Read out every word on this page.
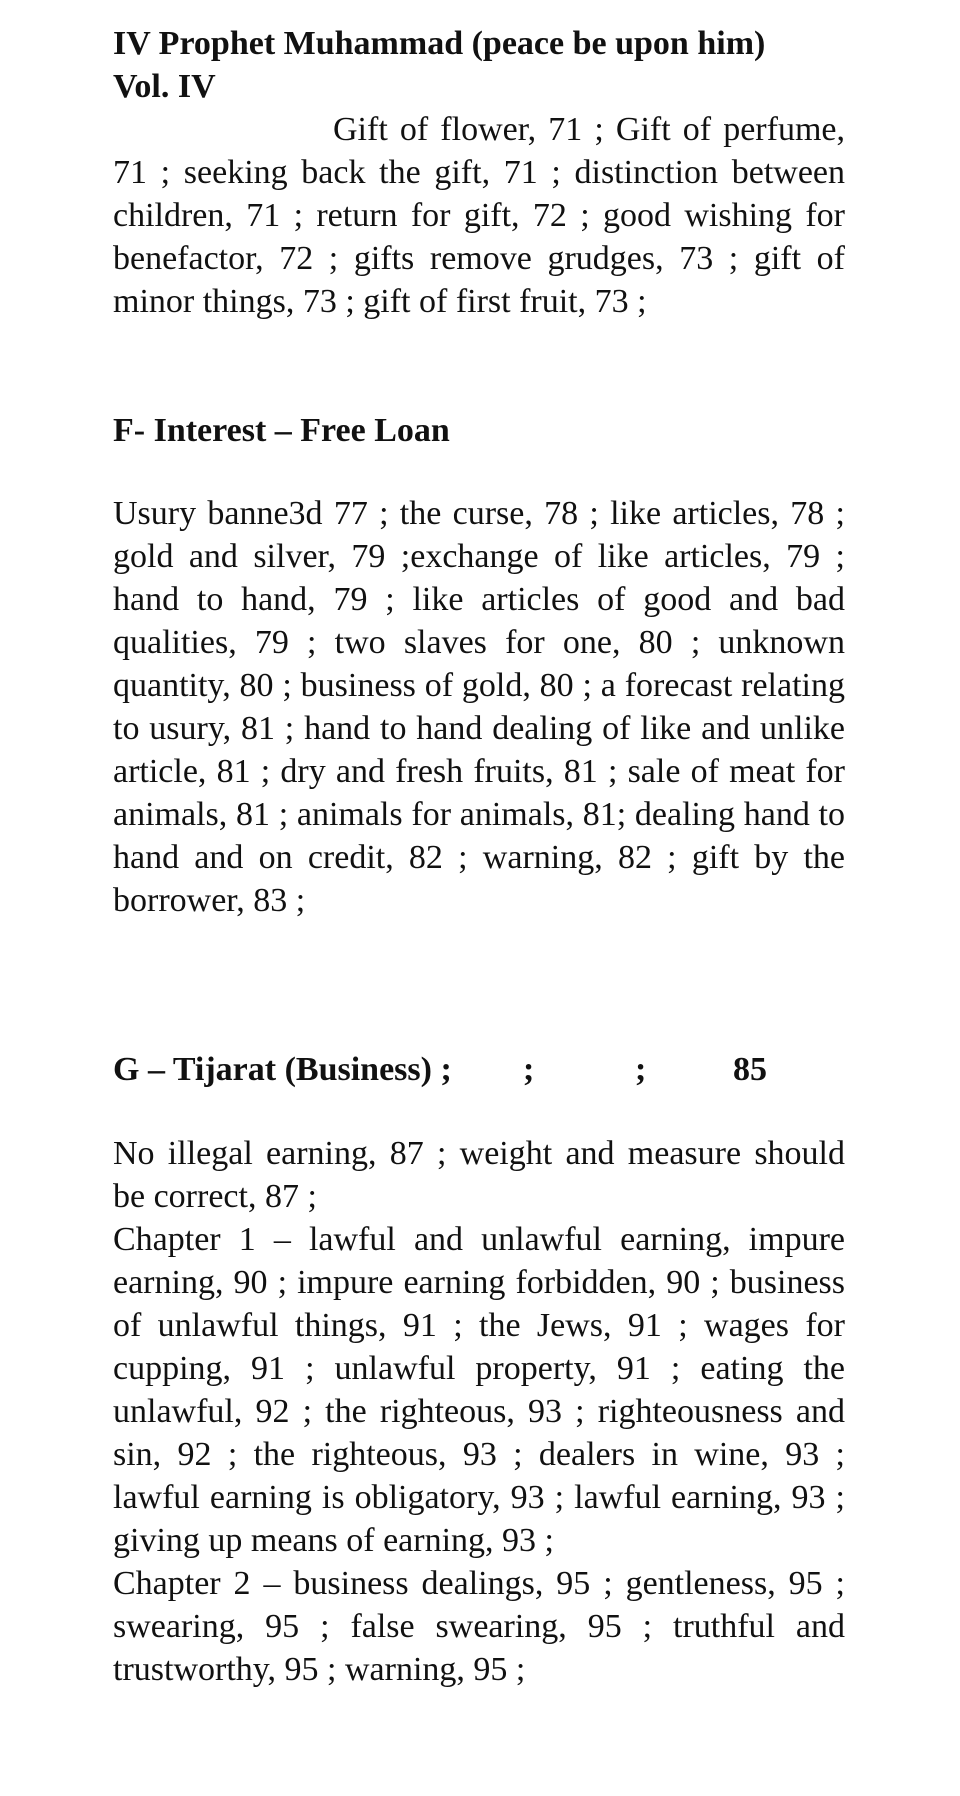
IV Prophet Muhammad (peace be upon him)

Vol. IV

Gift of flower, 71 ; Gift of perfume, 71 ; seeking back the gift, 71 ; distinction between children, 71 ; return for gift, 72 ; good wishing for benefactor, 72 ; gifts remove grudges, 73 ; gift of minor things, 73 ; gift of first fruit, 73 ;

F- Interest – Free Loan

Usury banne3d 77 ; the curse, 78 ; like articles, 78 ; gold and silver, 79 ;exchange of like articles, 79 ; hand to hand, 79 ; like articles of good and bad qualities, 79 ; two slaves for one, 80 ; unknown quantity, 80 ; business of gold, 80 ; a forecast relating to usury, 81 ; hand to hand dealing of like and unlike article, 81 ; dry and fresh fruits, 81 ; sale of meat for animals, 81 ; animals for animals, 81; dealing hand to hand and on credit, 82 ; warning, 82 ; gift by the borrower, 83 ;

G – Tijarat (Business) ;	;	;	85

No illegal earning, 87 ; weight and measure should be correct, 87 ;

Chapter 1 – lawful and unlawful earning, impure earning, 90 ; impure earning forbidden, 90 ; business of unlawful things, 91 ; the Jews, 91 ; wages for cupping, 91 ; unlawful property, 91 ; eating the unlawful, 92 ; the righteous, 93 ; righteousness and sin, 92 ; the righteous, 93 ; dealers in wine, 93 ; lawful earning is obligatory, 93 ; lawful earning, 93 ; giving up means of earning, 93 ;

Chapter 2 – business dealings, 95 ; gentleness, 95 ; swearing, 95 ; false swearing, 95 ; truthful and trustworthy, 95 ; warning, 95 ;
